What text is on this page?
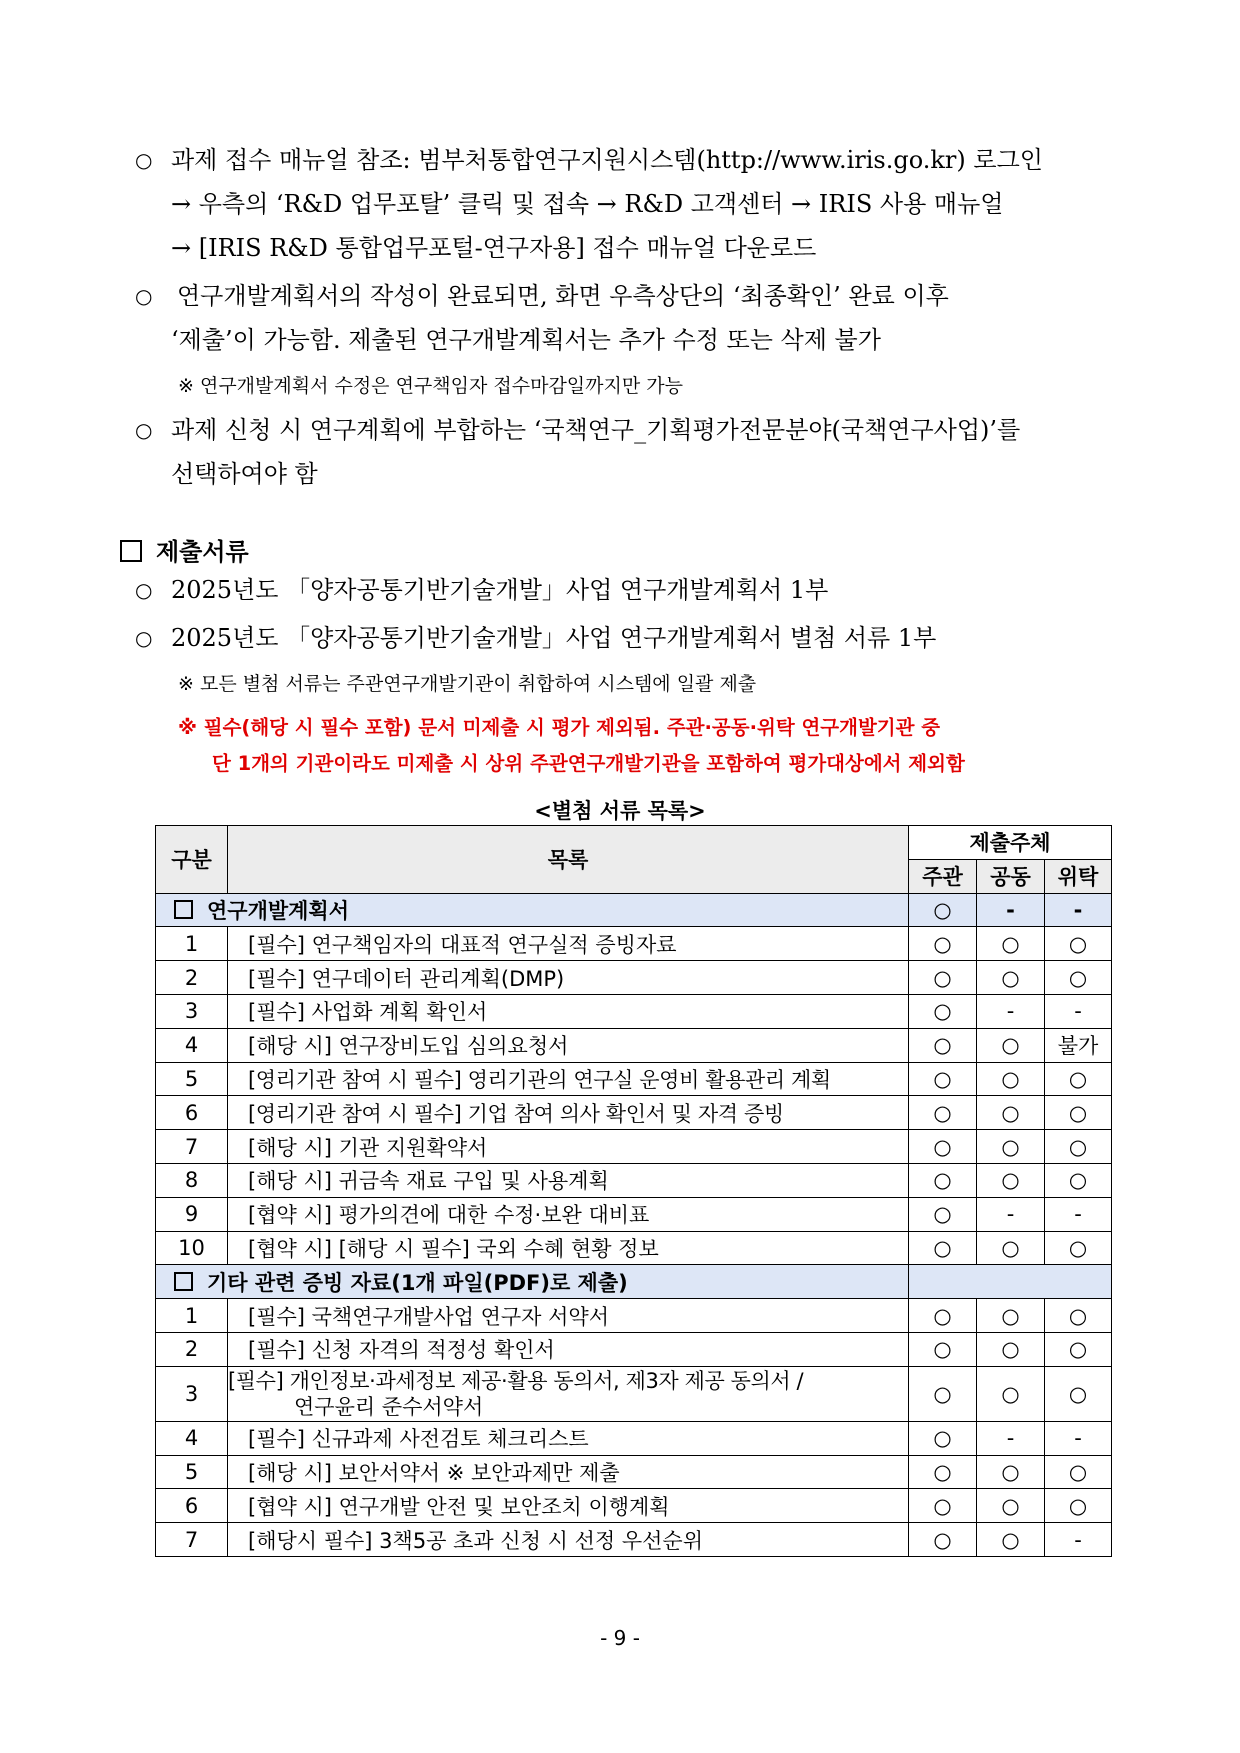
○ 과제 접수 매뉴얼 참조: 범부처통합연구지원시스템(http://www.iris.go.kr) 로그인
→ 우측의 ‘R&D 업무포탈’ 클릭 및 접속 → R&D 고객센터 → IRIS 사용 매뉴얼
→ [IRIS R&D 통합업무포털-연구자용] 접수 매뉴얼 다운로드
○ 연구개발계획서의 작성이 완료되면, 화면 우측상단의 ‘최종확인’ 완료 이후
‘제출’이 가능함. 제출된 연구개발계획서는 추가 수정 또는 삭제 불가
※ 연구개발계획서 수정은 연구책임자 접수마감일까지만 가능
○ 과제 신청 시 연구계획에 부합하는 ‘국책연구_기획평가전문분야(국책연구사업)’를
선택하여야 함
제출서류
○ 2025년도 「양자공통기반기술개발」사업 연구개발계획서 1부
○ 2025년도 「양자공통기반기술개발」사업 연구개발계획서 별첨 서류 1부
※ 모든 별첨 서류는 주관연구개발기관이 취합하여 시스템에 일괄 제출
※ 필수(해당 시 필수 포함) 문서 미제출 시 평가 제외됨. 주관·공동·위탁 연구개발기관 중
단 1개의 기관이라도 미제출 시 상위 주관연구개발기관을 포함하여 평가대상에서 제외함
<별첨 서류 목록>
구분	목록	제출주체		
		주관	공동	위탁
연구개발계획서		○	-	-
1	[필수] 연구책임자의 대표적 연구실적 증빙자료	○	○	○
2	[필수] 연구데이터 관리계획(DMP)	○	○	○
3	[필수] 사업화 계획 확인서	○	-	-
4	[해당 시] 연구장비도입 심의요청서	○	○	불가
5	[영리기관 참여 시 필수] 영리기관의 연구실 운영비 활용관리 계획	○	○	○
6	[영리기관 참여 시 필수] 기업 참여 의사 확인서 및 자격 증빙	○	○	○
7	[해당 시] 기관 지원확약서	○	○	○
8	[해당 시] 귀금속 재료 구입 및 사용계획	○	○	○
9	[협약 시] 평가의견에 대한 수정·보완 대비표	○	-	-
10	[협약 시] [해당 시 필수] 국외 수혜 현황 정보	○	○	○
기타 관련 증빙 자료(1개 파일(PDF)로 제출)				
1	[필수] 국책연구개발사업 연구자 서약서	○	○	○
2	[필수] 신청 자격의 적정성 확인서	○	○	○
3	[필수] 개인정보·과세정보 제공·활용 동의서, 제3자 제공 동의서 /
연구윤리 준수서약서	○	○	○
4	[필수] 신규과제 사전검토 체크리스트	○	-	-
5	[해당 시] 보안서약서 ※ 보안과제만 제출	○	○	○
6	[협약 시] 연구개발 안전 및 보안조치 이행계획	○	○	○
7	[해당시 필수] 3책5공 초과 신청 시 선정 우선순위	○	○	-
- 9 -
